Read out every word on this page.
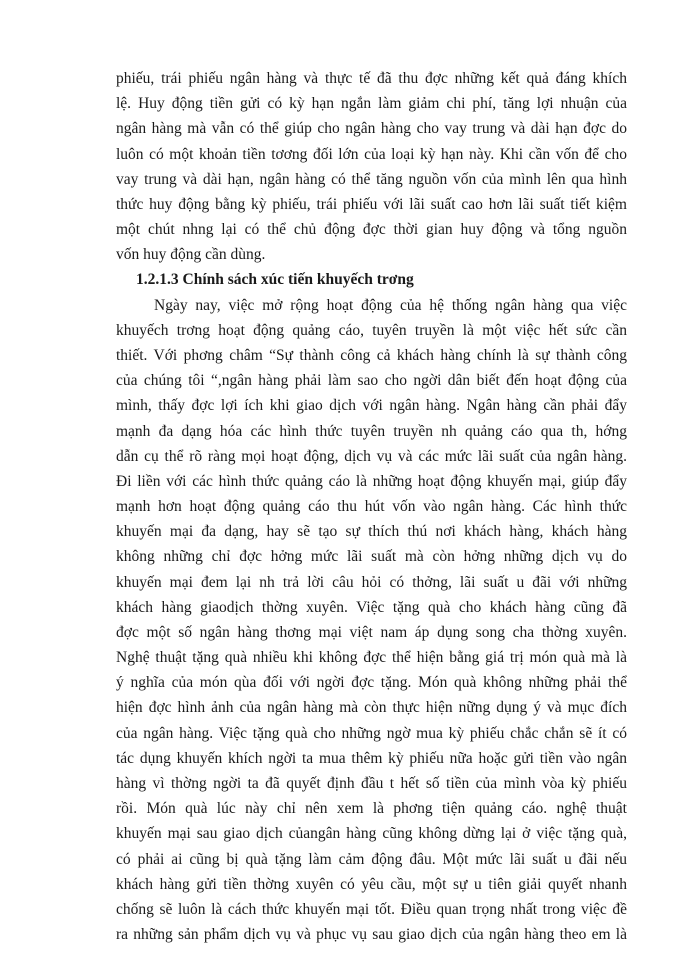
phiếu, trái phiếu ngân hàng và thực tế đã thu đợc những kết quả đáng khích
lệ. Huy động tiền gửi có kỳ hạn ngắn làm giảm chi phí, tăng lợi nhuận của
ngân hàng mà vẫn có thể giúp cho ngân hàng cho vay trung và dài hạn đợc do
luôn có một khoản tiền tơơng đối lớn của loại kỳ hạn này. Khi cần vốn để cho
vay trung và dài hạn, ngân hàng có thể tăng nguồn vốn của mình lên qua hình
thức huy động bằng kỳ phiếu, trái phiếu với lãi suất cao hơn lãi suất tiết kiệm
một chút nhng lại có thể chủ động đợc thời gian huy động và tổng nguồn
vốn huy động cần dùng.
1.2.1.3 Chính sách xúc tiến khuyếch trơng
Ngày nay, việc mở rộng hoạt động của hệ thống ngân hàng qua việc
khuyếch trơng hoạt động quảng cáo, tuyên truyền là một việc hết sức cần
thiết. Với phơng châm “Sự thành công cả khách hàng chính là sự thành công
của chúng tôi “,ngân hàng phải làm sao cho ngời dân biết đến hoạt động của
mình, thấy đợc lợi ích khi giao dịch với ngân hàng. Ngân hàng cần phải đẩy
mạnh đa dạng hóa các hình thức tuyên truyền nh quảng cáo qua th, hớng
dẫn cụ thể rõ ràng mọi hoạt động, dịch vụ và các mức lãi suất của ngân hàng.
Đi liền với các hình thức quảng cáo là những hoạt động khuyến mại, giúp đẩy
mạnh hơn hoạt động quảng cáo thu hút vốn vào ngân hàng. Các hình thức
khuyến mại đa dạng, hay sẽ tạo sự thích thú nơi khách hàng, khách hàng
không những chỉ đợc hởng mức lãi suất mà còn hởng những dịch vụ do
khuyến mại đem lại nh trả lời câu hỏi có thởng, lãi suất u đãi với những
khách hàng giaodịch thờng xuyên. Việc tặng quà cho khách hàng cũng đã
đợc một số ngân hàng thơng mại việt nam áp dụng song cha thờng xuyên.
Nghệ thuật tặng quà nhiều khi không đợc thể hiện bằng giá trị món quà mà là
ý nghĩa của món qùa đối với ngời đợc tặng. Món quà không những phải thể
hiện đợc hình ảnh của ngân hàng mà còn thực hiện nững dụng ý và mục đích
của ngân hàng. Việc tặng quà cho những ngờ mua kỳ phiếu chắc chắn sẽ ít có
tác dụng khuyến khích ngời ta mua thêm kỳ phiếu nữa hoặc gửi tiền vào ngân
hàng vì thờng ngời ta đã quyết định đầu t hết số tiền của mình vòa kỳ phiếu
rồi. Món quà lúc này chỉ nên xem là phơng tiện quảng cáo. nghệ thuật
khuyến mại sau giao dịch củangân hàng cũng không dừng lại ở việc tặng quà,
có phải ai cũng bị quà tặng làm cảm động đâu. Một mức lãi suất u đãi nếu
khách hàng gửi tiền thờng xuyên có yêu cầu, một sự u tiên giải quyết nhanh
chống sẽ luôn là cách thức khuyến mại tốt. Điều quan trọng nhất trong việc đề
ra những sản phẩm dịch vụ và phục vụ sau giao dịch của ngân hàng theo em là
